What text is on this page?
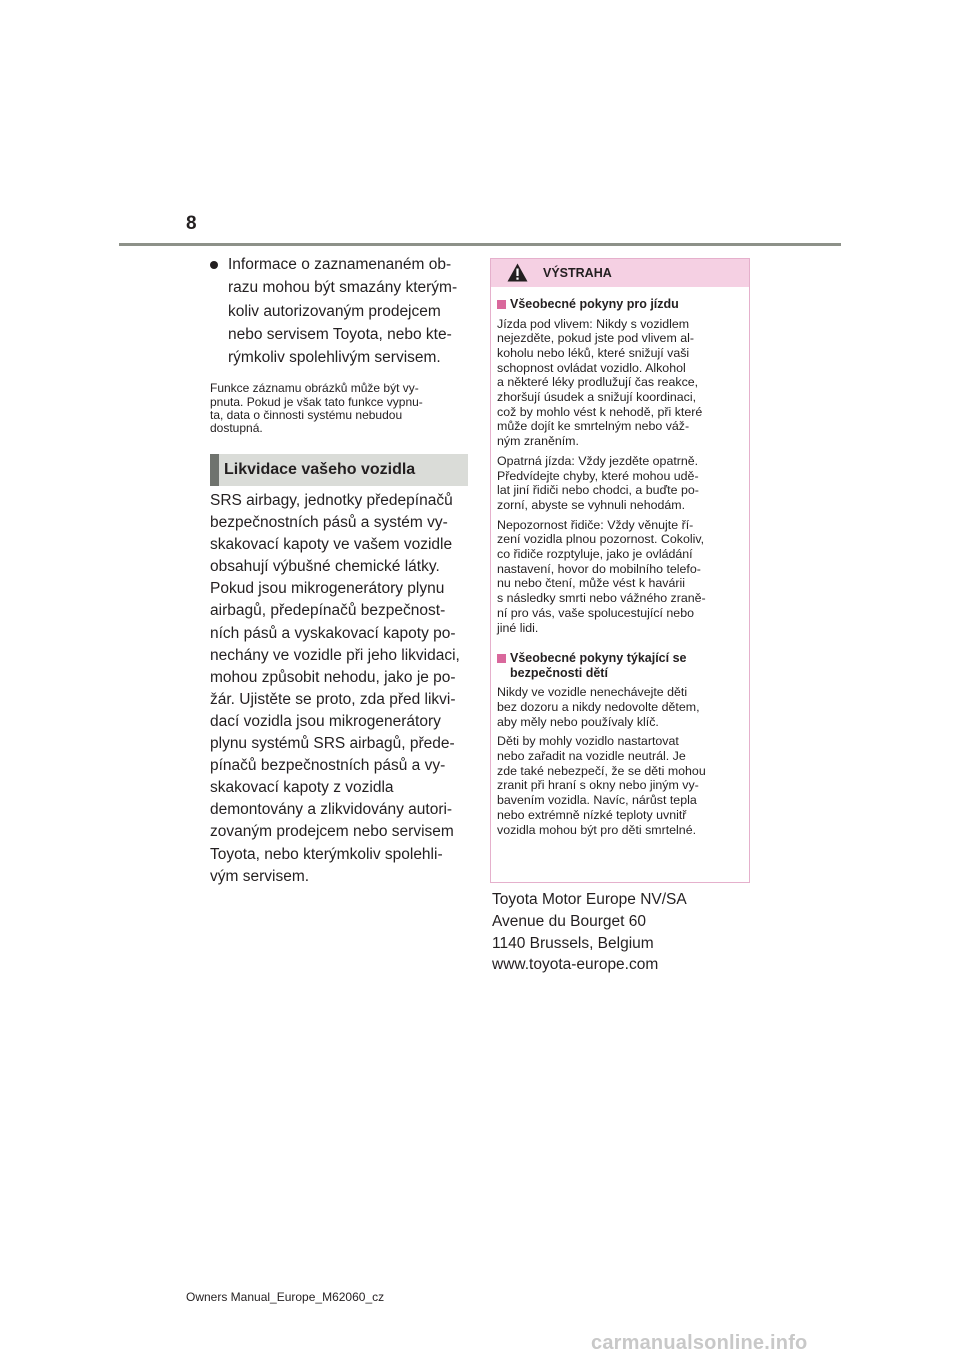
8
Informace o zaznamenaném ob-
razu mohou být smazány kterým-
koliv autorizovaným prodejcem
nebo servisem Toyota, nebo kte-
rýmkoliv spolehlivým servisem.
Funkce záznamu obrázků může být vy-
pnuta. Pokud je však tato funkce vypnu-
ta, data o činnosti systému nebudou
dostupná.
Likvidace vašeho vozidla
SRS airbagy, jednotky předepínačů
bezpečnostních pásů a systém vy-
skakovací kapoty ve vašem vozidle
obsahují výbušné chemické látky.
Pokud jsou mikrogenerátory plynu
airbagů, předepínačů bezpečnost-
ních pásů a vyskakovací kapoty po-
nechány ve vozidle při jeho likvidaci,
mohou způsobit nehodu, jako je po-
žár. Ujistěte se proto, zda před likvi-
dací vozidla jsou mikrogenerátory
plynu systémů SRS airbagů, přede-
pínačů bezpečnostních pásů a vy-
skakovací kapoty z vozidla
demontovány a zlikvidovány autori-
zovaným prodejcem nebo servisem
Toyota, nebo kterýmkoliv spolehli-
vým servisem.
VÝSTRAHA
Všeobecné pokyny pro jízdu
Jízda pod vlivem: Nikdy s vozidlem
nejezděte, pokud jste pod vlivem al-
koholu nebo léků, které snižují vaši
schopnost ovládat vozidlo. Alkohol
a některé léky prodlužují čas reakce,
zhoršují úsudek a snižují koordinaci,
což by mohlo vést k nehodě, při které
může dojít ke smrtelným nebo váž-
ným zraněním.
Opatrná jízda: Vždy jezděte opatrně.
Předvídejte chyby, které mohou udě-
lat jiní řidiči nebo chodci, a buďte po-
zorní, abyste se vyhnuli nehodám.
Nepozornost řidiče: Vždy věnujte ří-
zení vozidla plnou pozornost. Cokoliv,
co řidiče rozptyluje, jako je ovládání
nastavení, hovor do mobilního telefo-
nu nebo čtení, může vést k havárii
s následky smrti nebo vážného zraně-
ní pro vás, vaše spolucestující nebo
jiné lidi.
Všeobecné pokyny týkající se
bezpečnosti dětí
Nikdy ve vozidle nenechávejte děti
bez dozoru a nikdy nedovolte dětem,
aby měly nebo používaly klíč.
Děti by mohly vozidlo nastartovat
nebo zařadit na vozidle neutrál. Je
zde také nebezpečí, že se děti mohou
zranit při hraní s okny nebo jiným vy-
bavením vozidla. Navíc, nárůst tepla
nebo extrémně nízké teploty uvnitř
vozidla mohou být pro děti smrtelné.
Toyota Motor Europe NV/SA
Avenue du Bourget 60
1140 Brussels, Belgium
www.toyota-europe.com
Owners Manual_Europe_M62060_cz
carmanualsonline.info
